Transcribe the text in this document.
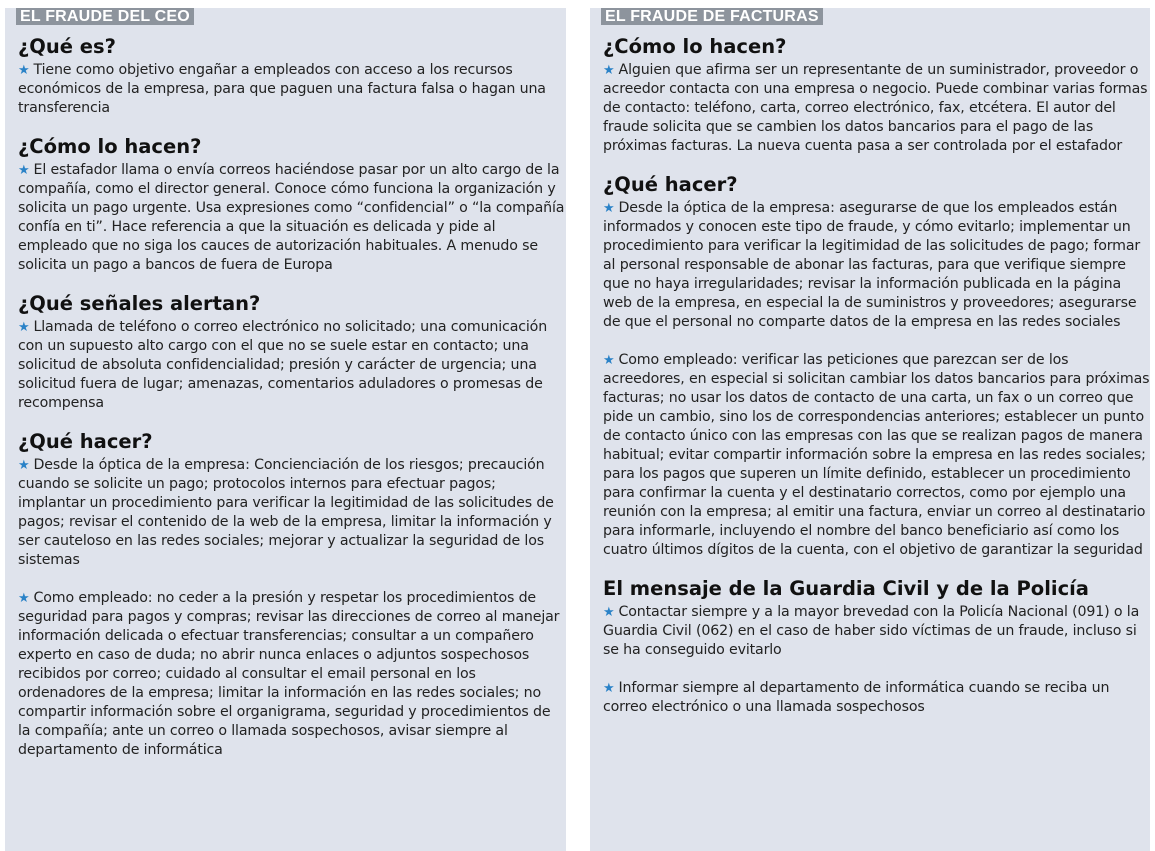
EL FRAUDE DEL CEO
¿Qué es?

★ Tiene como objetivo engañar a empleados con acceso a los recursos económicos de la empresa, para que paguen una factura falsa o hagan una transferencia

¿Cómo lo hacen?

★ El estafador llama o envía correos haciéndose pasar por un alto cargo de la compañía, como el director general. Conoce cómo funciona la organización y solicita un pago urgente. Usa expresiones como “confidencial” o “la compañía confía en ti”. Hace referencia a que la situación es delicada y pide al empleado que no siga los cauces de autorización habituales. A menudo se solicita un pago a bancos de fuera de Europa

¿Qué señales alertan?

★ Llamada de teléfono o correo electrónico no solicitado; una comunicación con un supuesto alto cargo con el que no se suele estar en contacto; una solicitud de absoluta confidencialidad; presión y carácter de urgencia; una solicitud fuera de lugar; amenazas, comentarios aduladores o promesas de recompensa

¿Qué hacer?

★ Desde la óptica de la empresa: Concienciación de los riesgos; precaución cuando se solicite un pago; protocolos internos para efectuar pagos; implantar un procedimiento para verificar la legitimidad de las solicitudes de pagos; revisar el contenido de la web de la empresa, limitar la información y ser cauteloso en las redes sociales; mejorar y actualizar la seguridad de los sistemas

★ Como empleado: no ceder a la presión y respetar los procedimientos de seguridad para pagos y compras; revisar las direcciones de correo al manejar información delicada o efectuar transferencias; consultar a un compañero experto en caso de duda; no abrir nunca enlaces o adjuntos sospechosos recibidos por correo; cuidado al consultar el email personal en los ordenadores de la empresa; limitar la información en las redes sociales; no compartir información sobre el organigrama, seguridad y procedimientos de la compañía; ante un correo o llamada sospechosos, avisar siempre al departamento de informática

EL FRAUDE DE FACTURAS
¿Cómo lo hacen?

★ Alguien que afirma ser un representante de un suministrador, proveedor o acreedor contacta con una empresa o negocio. Puede combinar varias formas de contacto: teléfono, carta, correo electrónico, fax, etcétera. El autor del fraude solicita que se cambien los datos bancarios para el pago de las próximas facturas. La nueva cuenta pasa a ser controlada por el estafador

¿Qué hacer?

★ Desde la óptica de la empresa: asegurarse de que los empleados están informados y conocen este tipo de fraude, y cómo evitarlo; implementar un procedimiento para verificar la legitimidad de las solicitudes de pago; formar al personal responsable de abonar las facturas, para que verifique siempre que no haya irregularidades; revisar la información publicada en la página web de la empresa, en especial la de suministros y proveedores; asegurarse de que el personal no comparte datos de la empresa en las redes sociales

★ Como empleado: verificar las peticiones que parezcan ser de los acreedores, en especial si solicitan cambiar los datos bancarios para próximas facturas; no usar los datos de contacto de una carta, un fax o un correo que pide un cambio, sino los de correspondencias anteriores; establecer un punto de contacto único con las empresas con las que se realizan pagos de manera habitual; evitar compartir información sobre la empresa en las redes sociales; para los pagos que superen un límite definido, establecer un procedimiento para confirmar la cuenta y el destinatario correctos, como por ejemplo una reunión con la empresa; al emitir una factura, enviar un correo al destinatario para informarle, incluyendo el nombre del banco beneficiario así como los cuatro últimos dígitos de la cuenta, con el objetivo de garantizar la seguridad

El mensaje de la Guardia Civil y de la Policía

★ Contactar siempre y a la mayor brevedad con la Policía Nacional (091) o la Guardia Civil (062) en el caso de haber sido víctimas de un fraude, incluso si se ha conseguido evitarlo

★ Informar siempre al departamento de informática cuando se reciba un correo electrónico o una llamada sospechosos
